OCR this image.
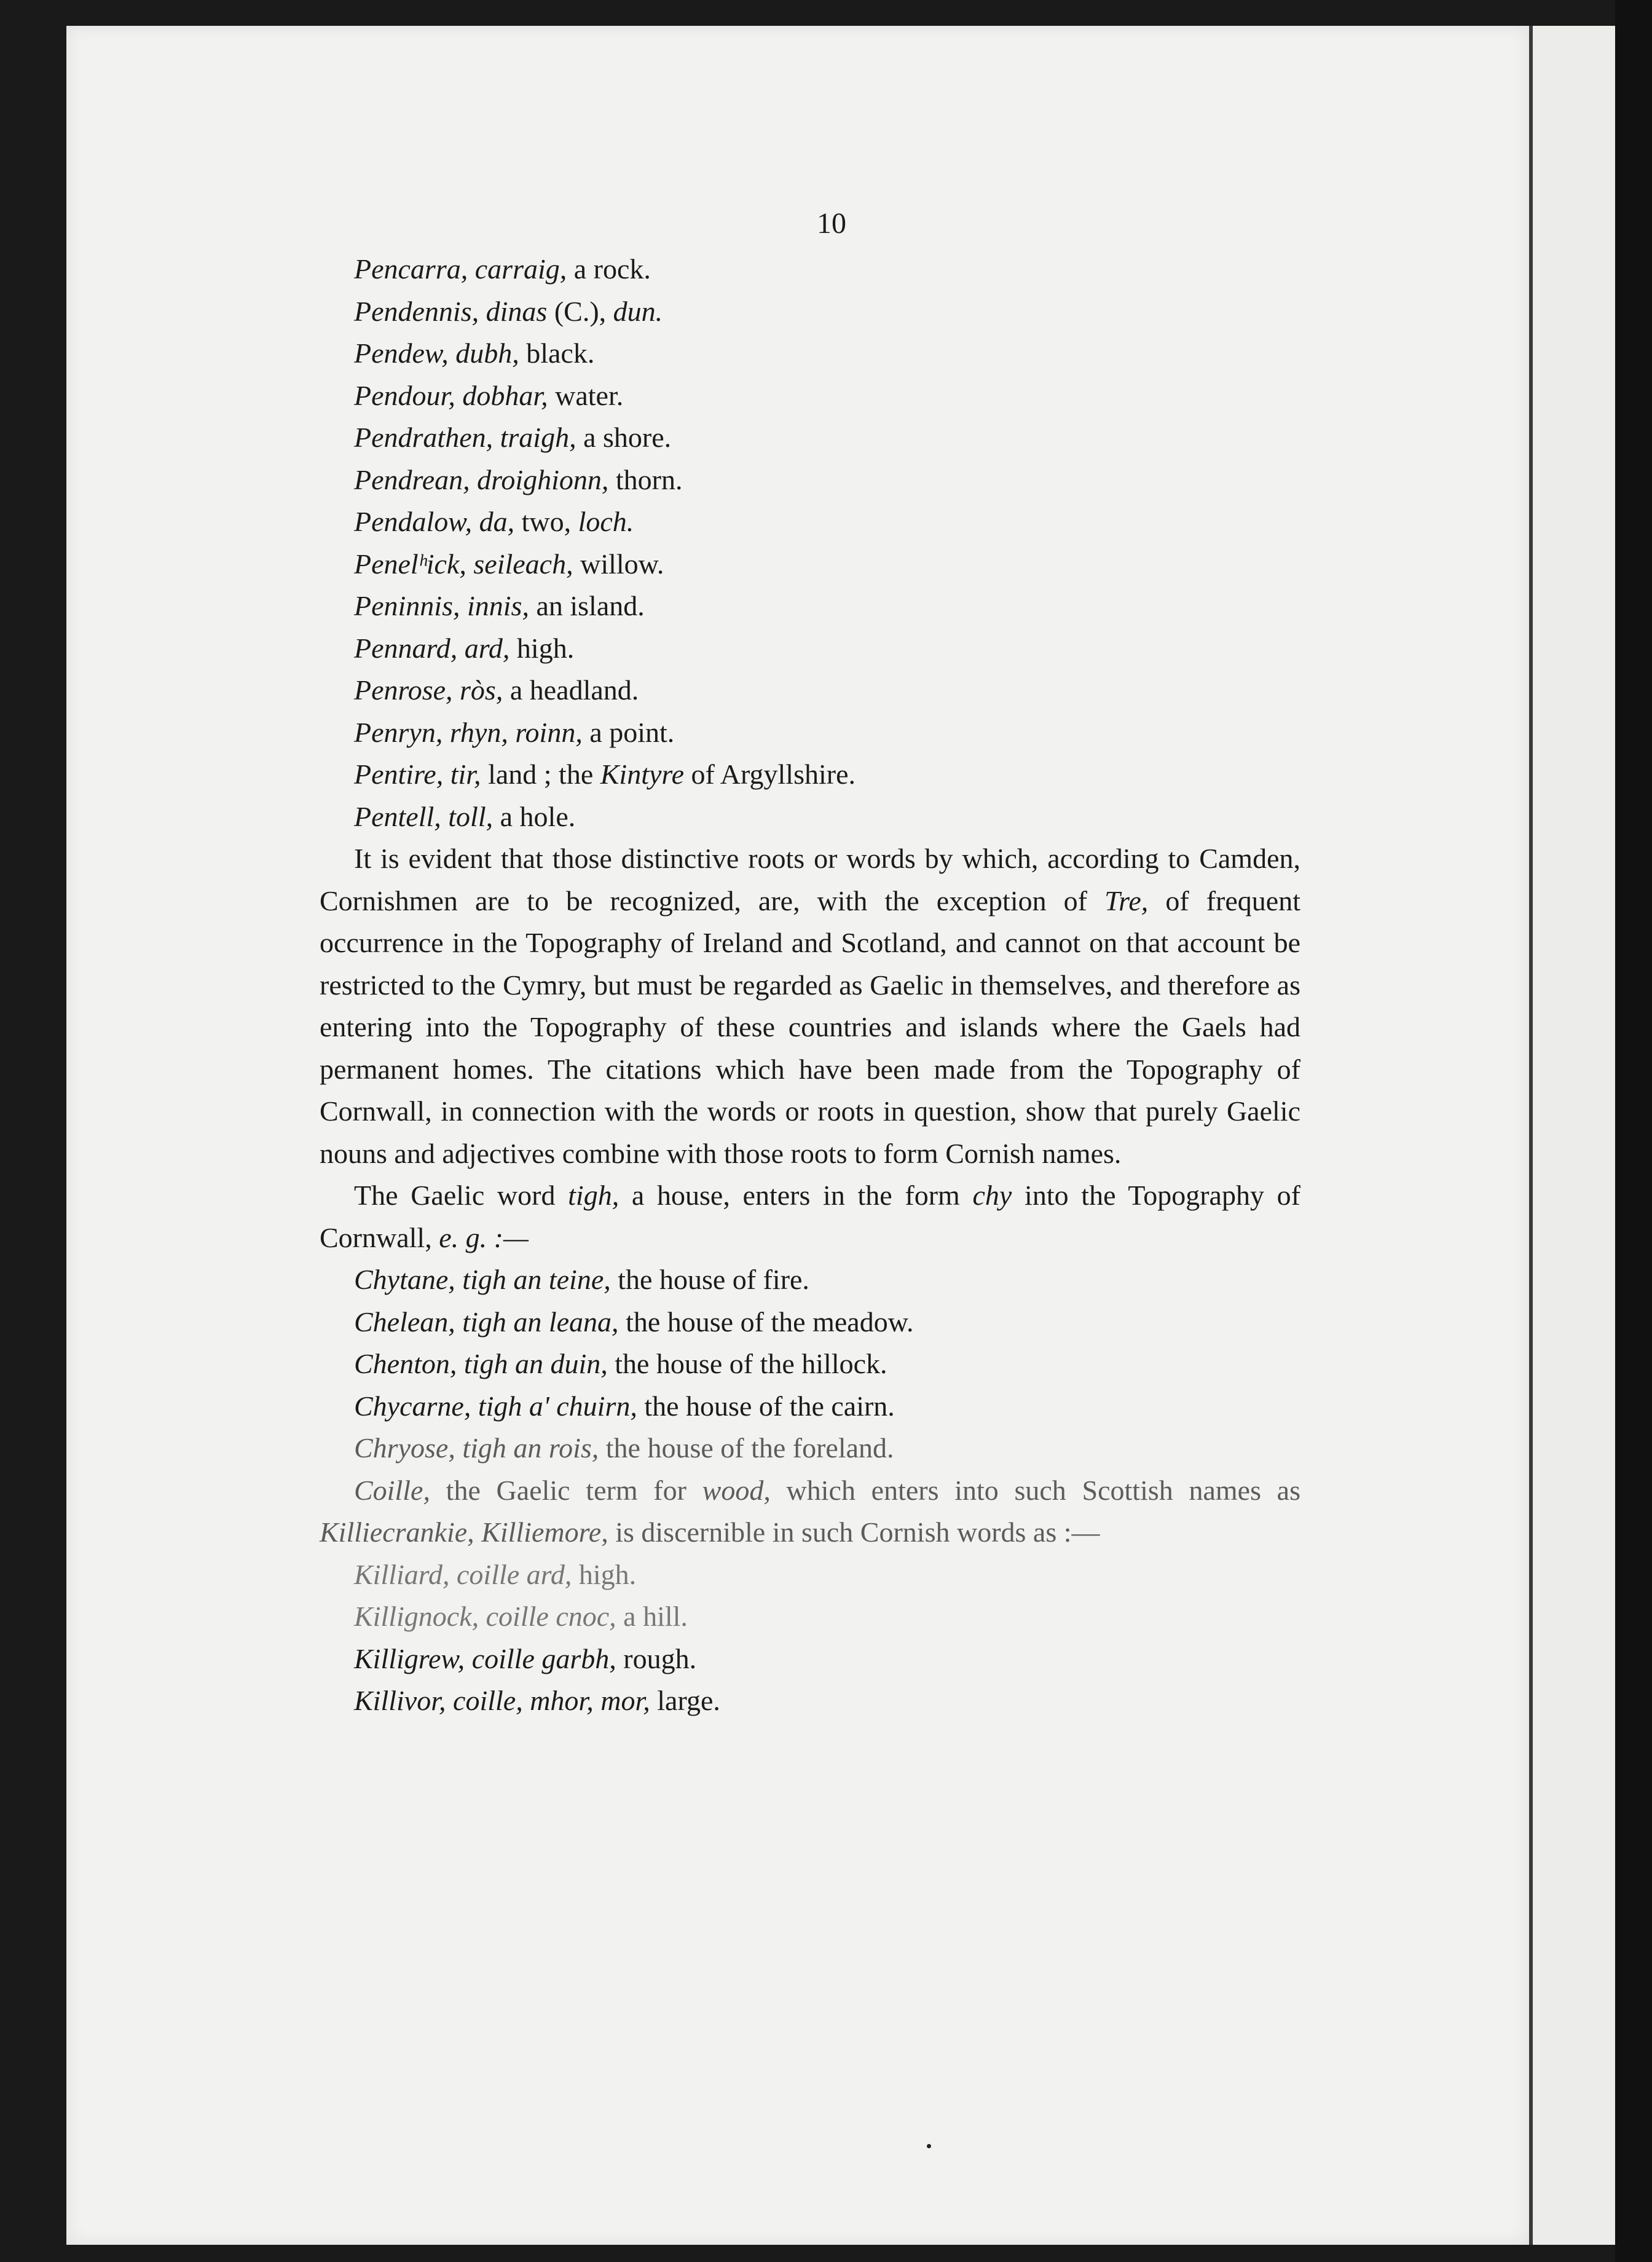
10
Pencarra, carraig, a rock.
Pendennis, dinas (C.), dun.
Pendew, dubh, black.
Pendour, dobhar, water.
Pendrathen, traigh, a shore.
Pendrean, droighionn, thorn.
Pendalow, da, two, loch.
Penelʰick, seileach, willow.
Peninnis, innis, an island.
Pennard, ard, high.
Penrose, ròs, a headland.
Penryn, rhyn, roinn, a point.
Pentire, tir, land ; the Kintyre of Argyllshire.
Pentell, toll, a hole.

It is evident that those distinctive roots or words by which, according to Camden, Cornishmen are to be recognized, are, with the exception of Tre, of frequent occurrence in the Topography of Ireland and Scotland, and cannot on that account be restricted to the Cymry, but must be regarded as Gaelic in themselves, and therefore as entering into the Topography of these countries and islands where the Gaels had permanent homes. The citations which have been made from the Topography of Cornwall, in connection with the words or roots in question, show that purely Gaelic nouns and adjectives combine with those roots to form Cornish names.

The Gaelic word tigh, a house, enters in the form chy into the Topography of Cornwall, e. g. :—

Chytane, tigh an teine, the house of fire.
Chelean, tigh an leana, the house of the meadow.
Chenton, tigh an duin, the house of the hillock.
Chycarne, tigh a' chuirn, the house of the cairn.
Chryose, tigh an rois, the house of the foreland.

Coille, the Gaelic term for wood, which enters into such Scottish names as Killiecrankie, Killiemore, is discernible in such Cornish words as :—

Killiard, coille ard, high.
Killignock, coille cnoc, a hill.
Killigrew, coille garbh, rough.
Killivor, coille, mhor, mor, large.
